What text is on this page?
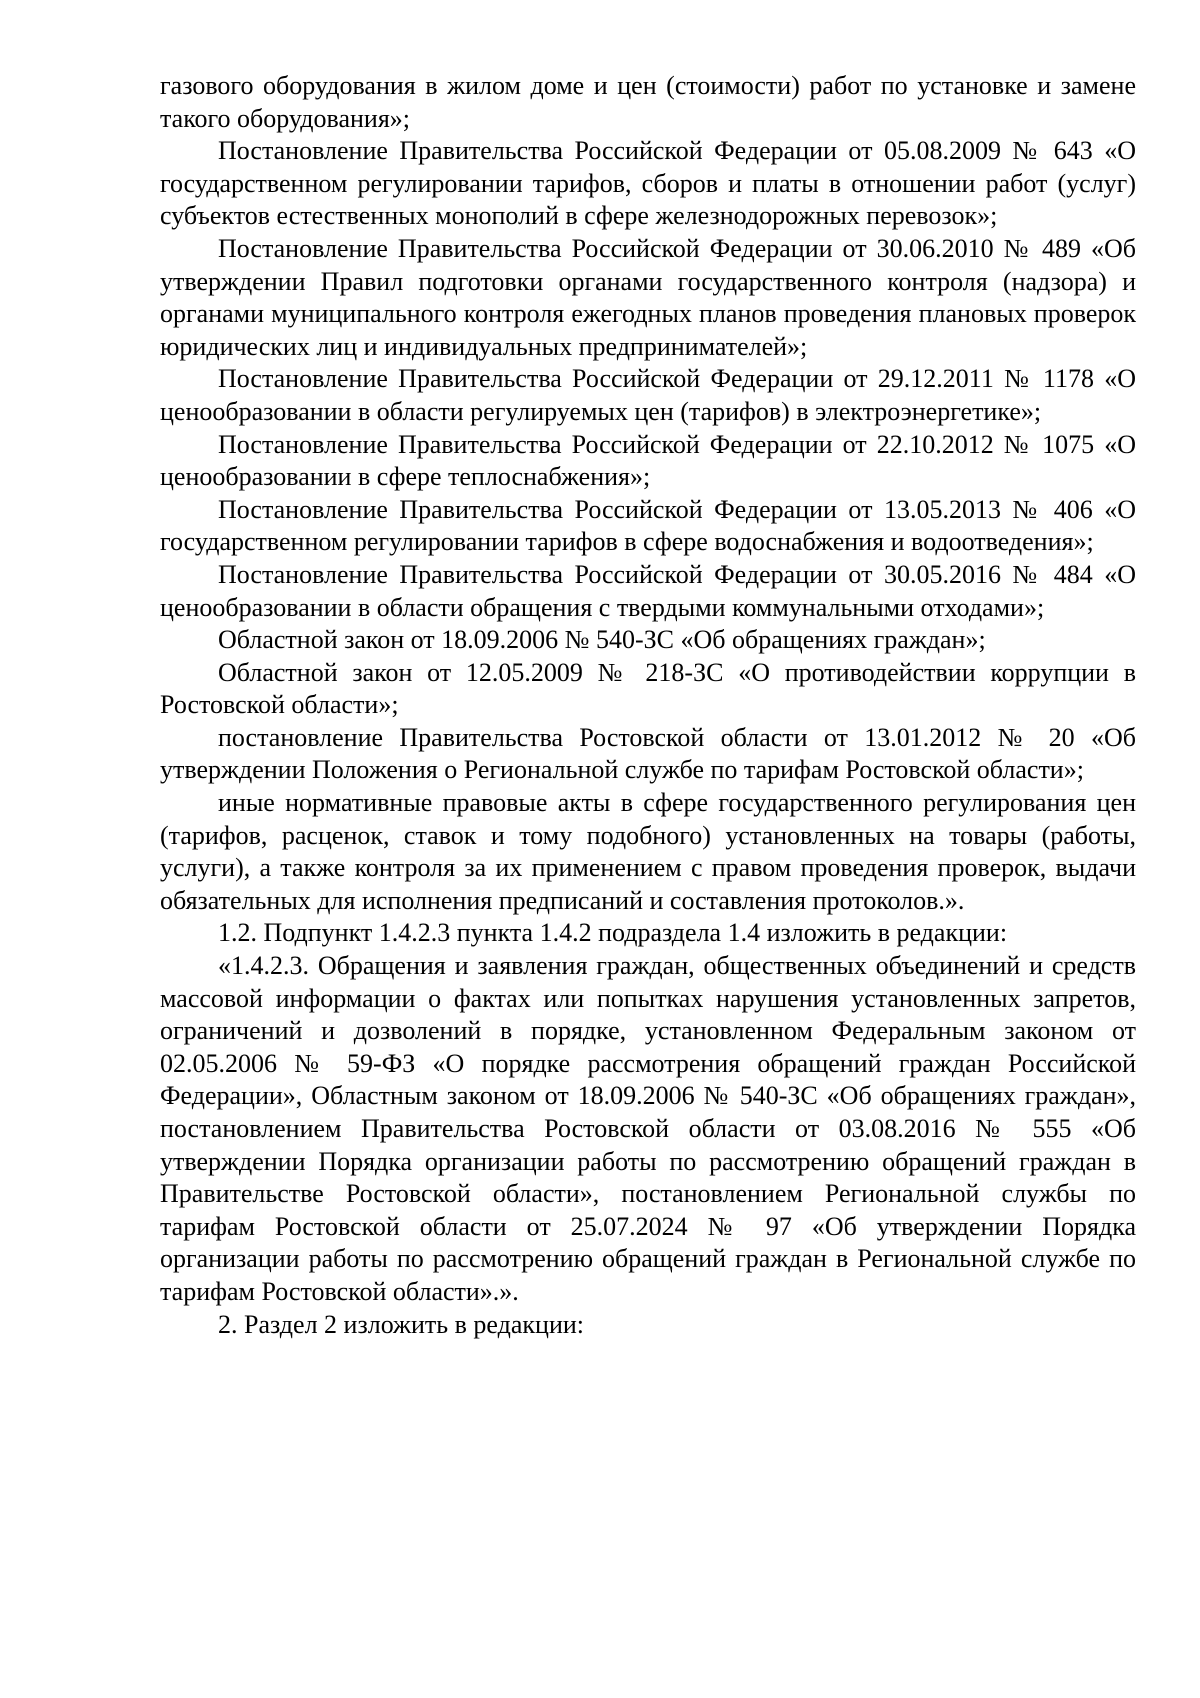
газового оборудования в жилом доме и цен (стоимости) работ по установке и замене такого оборудования»;

Постановление Правительства Российской Федерации от 05.08.2009 № 643 «О государственном регулировании тарифов, сборов и платы в отношении работ (услуг) субъектов естественных монополий в сфере железнодорожных перевозок»;

Постановление Правительства Российской Федерации от 30.06.2010 № 489 «Об утверждении Правил подготовки органами государственного контроля (надзора) и органами муниципального контроля ежегодных планов проведения плановых проверок юридических лиц и индивидуальных предпринимателей»;

Постановление Правительства Российской Федерации от 29.12.2011 № 1178 «О ценообразовании в области регулируемых цен (тарифов) в электроэнергетике»;

Постановление Правительства Российской Федерации от 22.10.2012 № 1075 «О ценообразовании в сфере теплоснабжения»;

Постановление Правительства Российской Федерации от 13.05.2013 № 406 «О государственном регулировании тарифов в сфере водоснабжения и водоотведения»;

Постановление Правительства Российской Федерации от 30.05.2016 № 484 «О ценообразовании в области обращения с твердыми коммунальными отходами»;

Областной закон от 18.09.2006 № 540-ЗС «Об обращениях граждан»;

Областной закон от 12.05.2009 № 218-ЗС «О противодействии коррупции в Ростовской области»;

постановление Правительства Ростовской области от 13.01.2012 № 20 «Об утверждении Положения о Региональной службе по тарифам Ростовской области»;

иные нормативные правовые акты в сфере государственного регулирования цен (тарифов, расценок, ставок и тому подобного) установленных на товары (работы, услуги), а также контроля за их применением с правом проведения проверок, выдачи обязательных для исполнения предписаний и составления протоколов.».

1.2. Подпункт 1.4.2.3 пункта 1.4.2 подраздела 1.4 изложить в редакции:

«1.4.2.3. Обращения и заявления граждан, общественных объединений и средств массовой информации о фактах или попытках нарушения установленных запретов, ограничений и дозволений в порядке, установленном Федеральным законом от 02.05.2006 № 59-ФЗ «О порядке рассмотрения обращений граждан Российской Федерации», Областным законом от 18.09.2006 № 540-ЗС «Об обращениях граждан», постановлением Правительства Ростовской области от 03.08.2016 № 555 «Об утверждении Порядка организации работы по рассмотрению обращений граждан в Правительстве Ростовской области», постановлением Региональной службы по тарифам Ростовской области от 25.07.2024 № 97 «Об утверждении Порядка организации работы по рассмотрению обращений граждан в Региональной службе по тарифам Ростовской области».».

2. Раздел 2 изложить в редакции:
